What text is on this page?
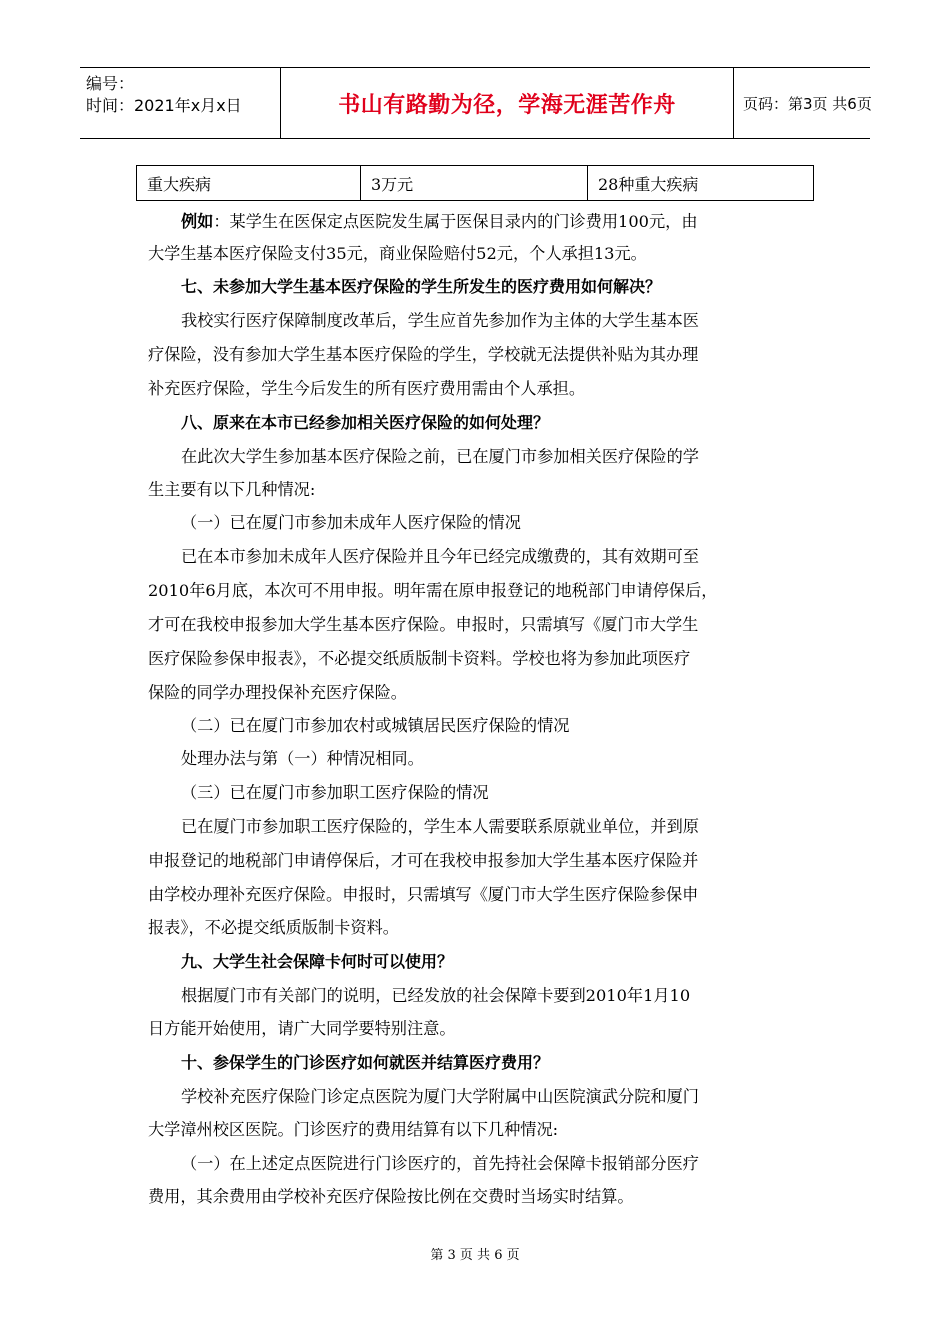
编号：
时间：2021年x月x日	书山有路勤为径，学海无涯苦作舟	页码：第3页 共6页
重大疾病	3万元	28种重大疾病
例如：某学生在医保定点医院发生属于医保目录内的门诊费用100元，由
大学生基本医疗保险支付35元，商业保险赔付52元，个人承担13元。
七、未参加大学生基本医疗保险的学生所发生的医疗费用如何解决？
我校实行医疗保障制度改革后，学生应首先参加作为主体的大学生基本医
疗保险，没有参加大学生基本医疗保险的学生，学校就无法提供补贴为其办理
补充医疗保险，学生今后发生的所有医疗费用需由个人承担。
八、原来在本市已经参加相关医疗保险的如何处理？
在此次大学生参加基本医疗保险之前，已在厦门市参加相关医疗保险的学
生主要有以下几种情况:
（一）已在厦门市参加未成年人医疗保险的情况
已在本市参加未成年人医疗保险并且今年已经完成缴费的，其有效期可至
2010年6月底，本次可不用申报。明年需在原申报登记的地税部门申请停保后，
才可在我校申报参加大学生基本医疗保险。申报时，只需填写《厦门市大学生
医疗保险参保申报表》，不必提交纸质版制卡资料。学校也将为参加此项医疗
保险的同学办理投保补充医疗保险。
（二）已在厦门市参加农村或城镇居民医疗保险的情况
处理办法与第（一）种情况相同。
（三）已在厦门市参加职工医疗保险的情况
已在厦门市参加职工医疗保险的，学生本人需要联系原就业单位，并到原
申报登记的地税部门申请停保后，才可在我校申报参加大学生基本医疗保险并
由学校办理补充医疗保险。申报时，只需填写《厦门市大学生医疗保险参保申
报表》，不必提交纸质版制卡资料。
九、大学生社会保障卡何时可以使用？
根据厦门市有关部门的说明，已经发放的社会保障卡要到2010年1月10
日方能开始使用，请广大同学要特别注意。
十、参保学生的门诊医疗如何就医并结算医疗费用？
学校补充医疗保险门诊定点医院为厦门大学附属中山医院演武分院和厦门
大学漳州校区医院。门诊医疗的费用结算有以下几种情况:
（一）在上述定点医院进行门诊医疗的，首先持社会保障卡报销部分医疗
费用，其余费用由学校补充医疗保险按比例在交费时当场实时结算。
第 3 页 共 6 页
